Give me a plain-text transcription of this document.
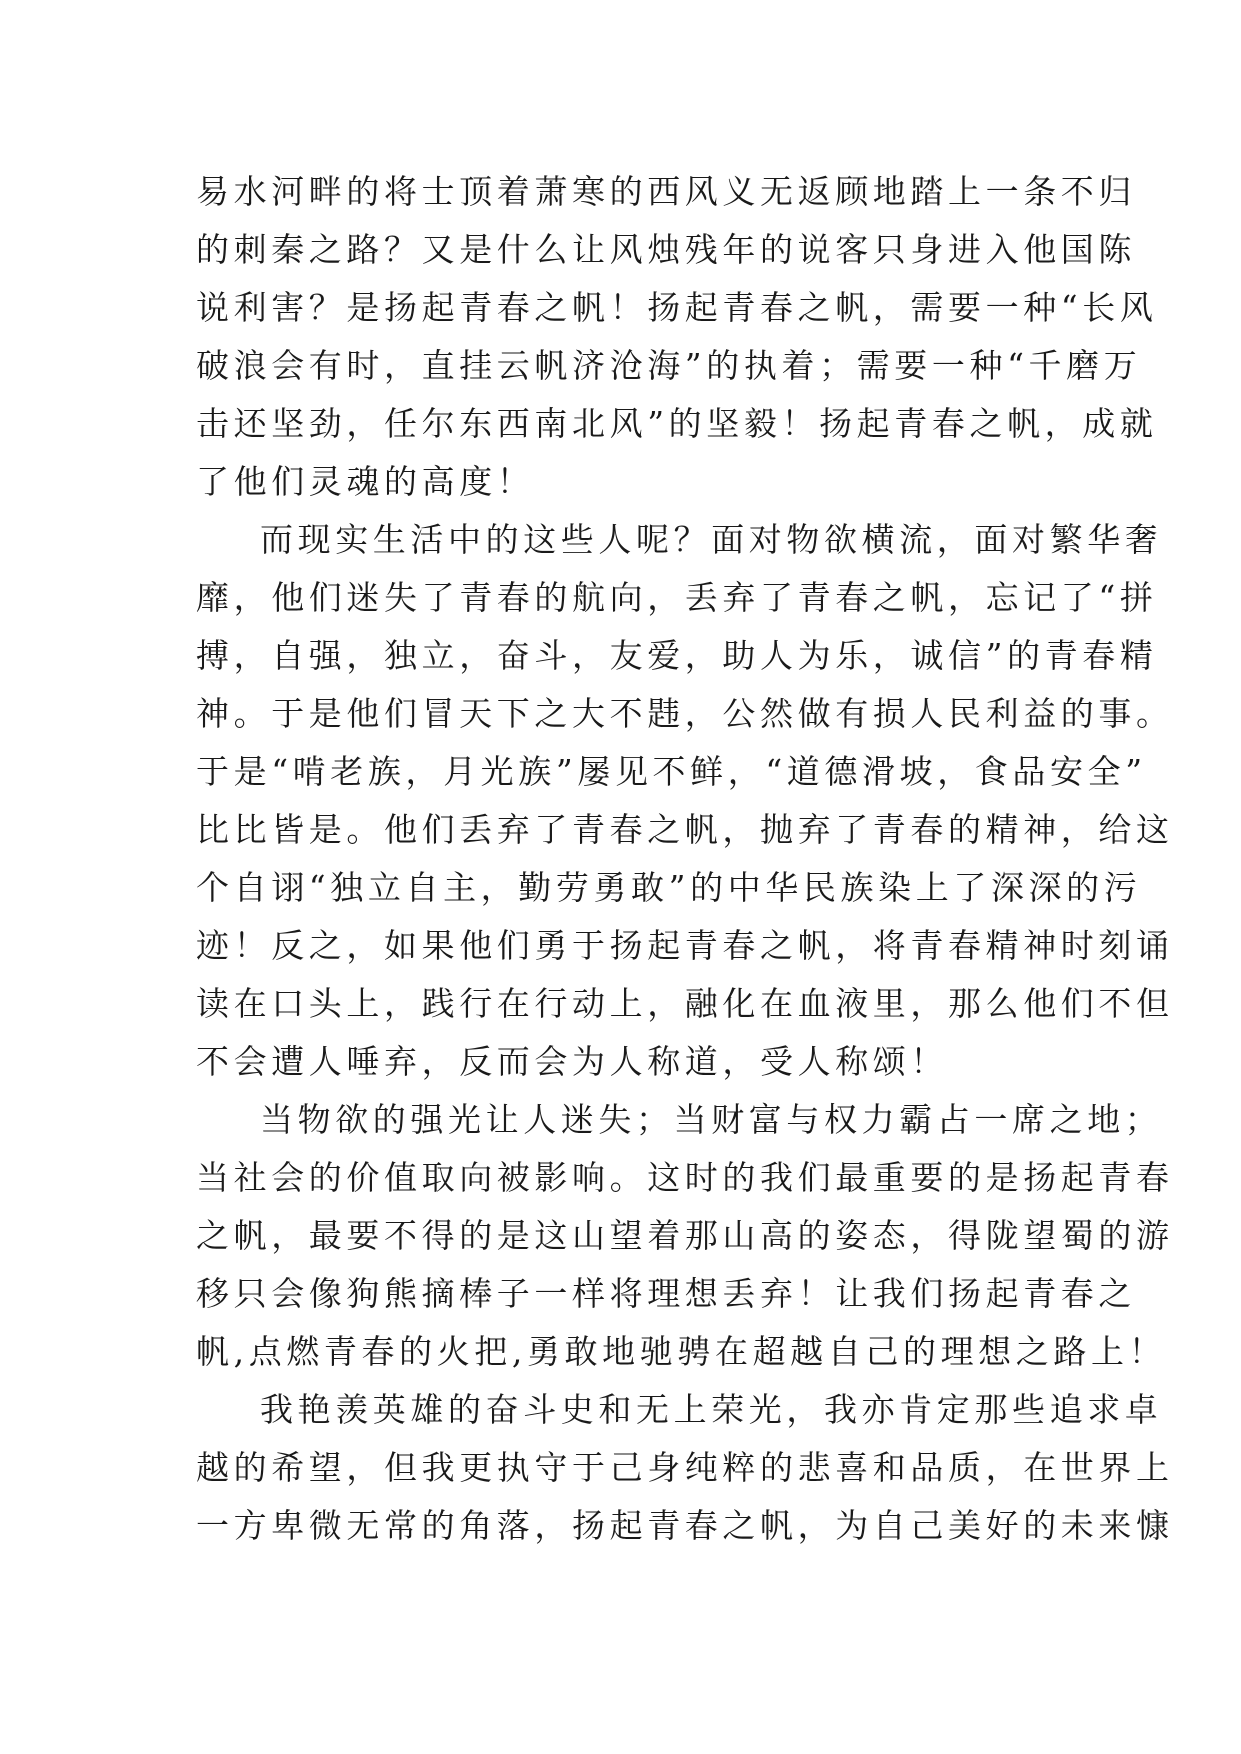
易水河畔的将士顶着萧寒的西风义无返顾地踏上一条不归
的刺秦之路？又是什么让风烛残年的说客只身进入他国陈
说利害？是扬起青春之帆！扬起青春之帆，需要一种“长风
破浪会有时，直挂云帆济沧海”的执着；需要一种“千磨万
击还坚劲，任尔东西南北风”的坚毅！扬起青春之帆，成就
了他们灵魂的高度！
而现实生活中的这些人呢？面对物欲横流，面对繁华奢
靡，他们迷失了青春的航向，丢弃了青春之帆，忘记了“拼
搏，自强，独立，奋斗，友爱，助人为乐，诚信”的青春精
神。于是他们冒天下之大不韪，公然做有损人民利益的事。
于是“啃老族，月光族”屡见不鲜，“道德滑坡，食品安全”
比比皆是。他们丢弃了青春之帆，抛弃了青春的精神，给这
个自诩“独立自主，勤劳勇敢”的中华民族染上了深深的污
迹！反之，如果他们勇于扬起青春之帆，将青春精神时刻诵
读在口头上，践行在行动上，融化在血液里，那么他们不但
不会遭人唾弃，反而会为人称道，受人称颂！
当物欲的强光让人迷失；当财富与权力霸占一席之地；
当社会的价值取向被影响。这时的我们最重要的是扬起青春
之帆，最要不得的是这山望着那山高的姿态，得陇望蜀的游
移只会像狗熊摘棒子一样将理想丢弃！让我们扬起青春之
帆,点燃青春的火把,勇敢地驰骋在超越自己的理想之路上！
我艳羡英雄的奋斗史和无上荣光，我亦肯定那些追求卓
越的希望，但我更执守于己身纯粹的悲喜和品质，在世界上
一方卑微无常的角落，扬起青春之帆，为自己美好的未来慷
